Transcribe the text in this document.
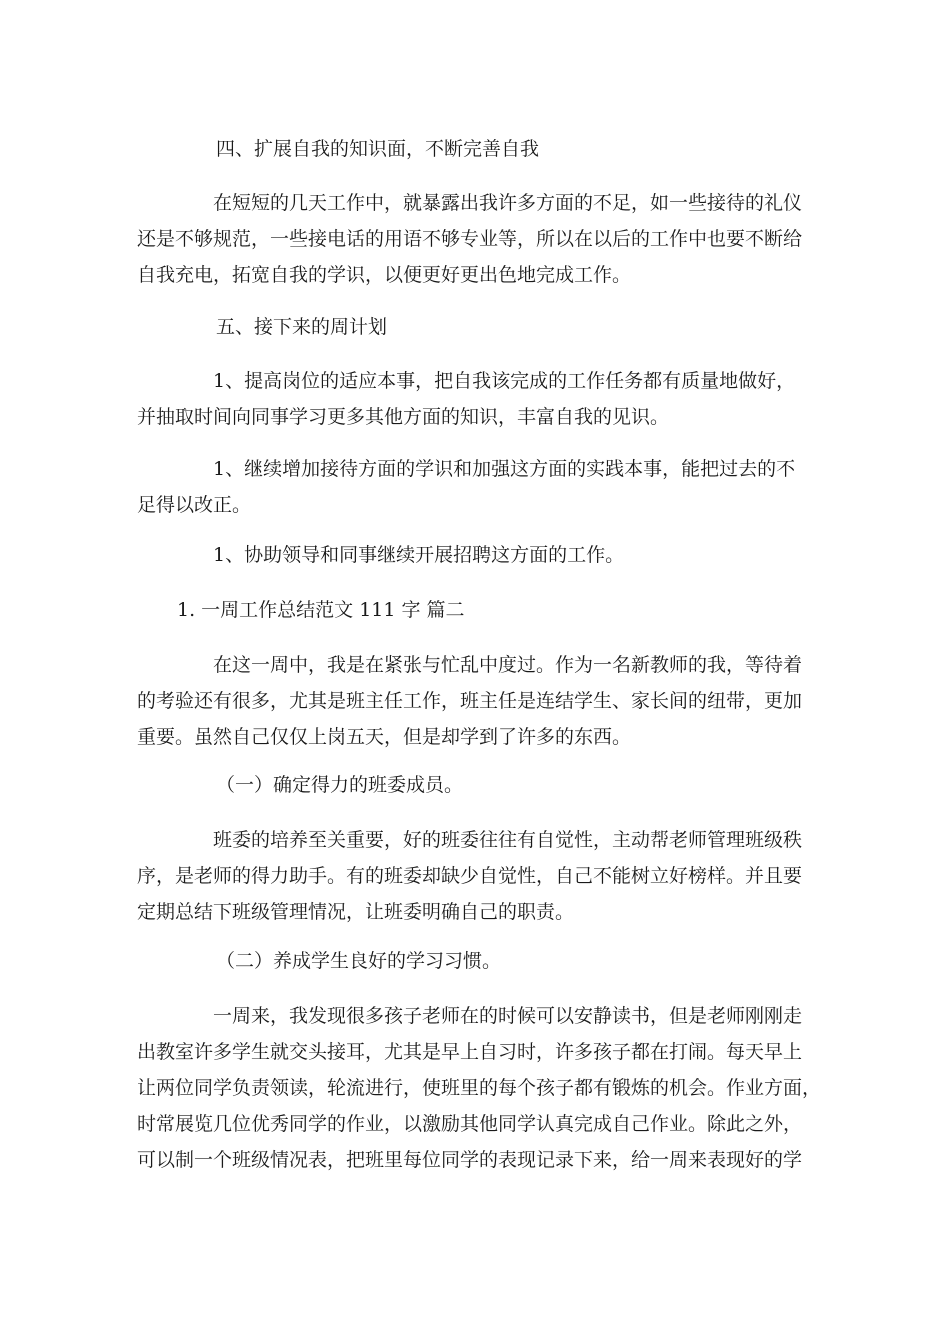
四、扩展自我的知识面，不断完善自我
在短短的几天工作中，就暴露出我许多方面的不足，如一些接待的礼仪
还是不够规范，一些接电话的用语不够专业等，所以在以后的工作中也要不断给
自我充电，拓宽自我的学识，以便更好更出色地完成工作。
五、接下来的周计划
1、提高岗位的适应本事，把自我该完成的工作任务都有质量地做好，
并抽取时间向同事学习更多其他方面的知识，丰富自我的见识。
1、继续增加接待方面的学识和加强这方面的实践本事，能把过去的不
足得以改正。
1、协助领导和同事继续开展招聘这方面的工作。
1. 一周工作总结范文 111 字 篇二
在这一周中，我是在紧张与忙乱中度过。作为一名新教师的我，等待着
的考验还有很多，尤其是班主任工作，班主任是连结学生、家长间的纽带，更加
重要。虽然自己仅仅上岗五天，但是却学到了许多的东西。
（一）确定得力的班委成员。
班委的培养至关重要，好的班委往往有自觉性，主动帮老师管理班级秩
序，是老师的得力助手。有的班委却缺少自觉性，自己不能树立好榜样。并且要
定期总结下班级管理情况，让班委明确自己的职责。
（二）养成学生良好的学习习惯。
一周来，我发现很多孩子老师在的时候可以安静读书，但是老师刚刚走
出教室许多学生就交头接耳，尤其是早上自习时，许多孩子都在打闹。每天早上
让两位同学负责领读，轮流进行，使班里的每个孩子都有锻炼的机会。作业方面，
时常展览几位优秀同学的作业，以激励其他同学认真完成自己作业。除此之外，
可以制一个班级情况表，把班里每位同学的表现记录下来，给一周来表现好的学
